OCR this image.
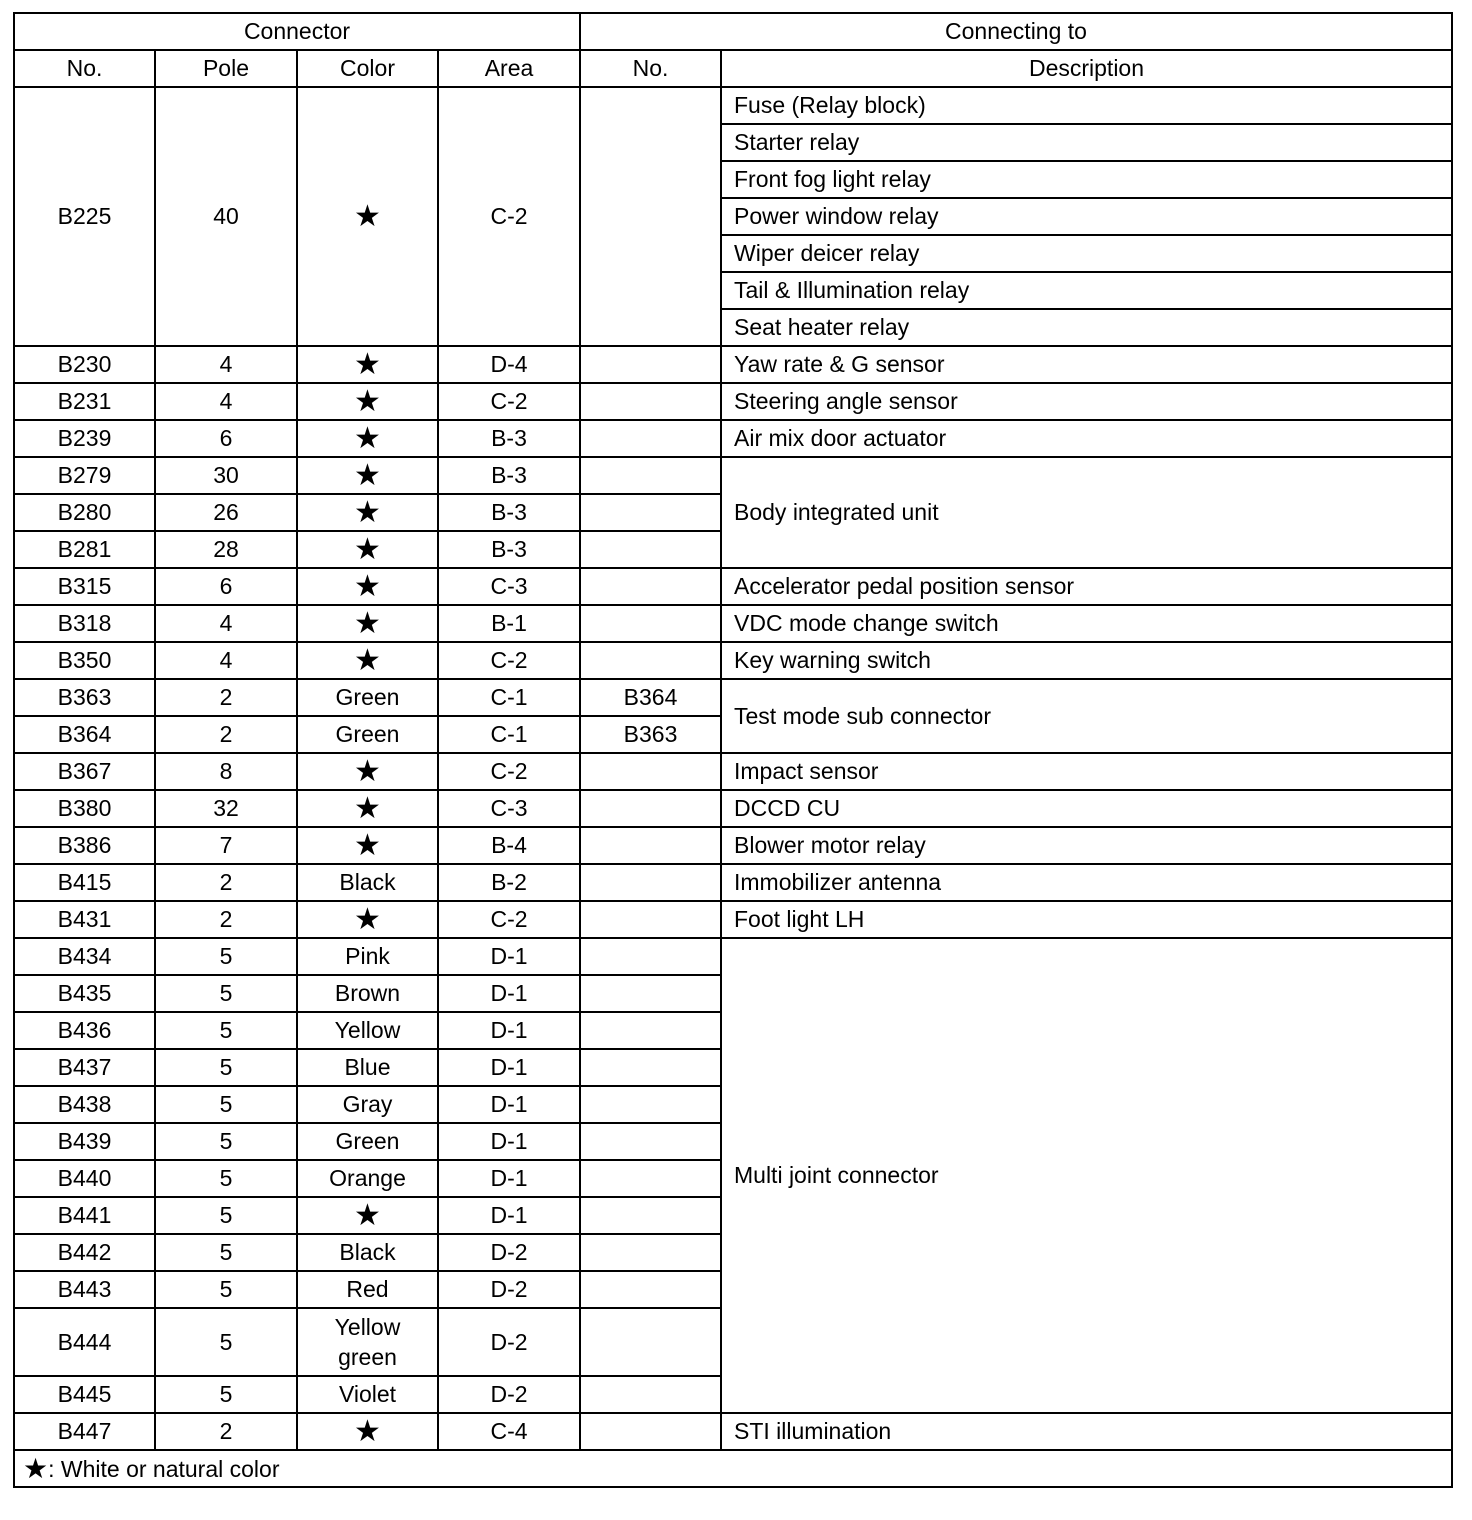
Connector				Connecting to	
No.	Pole	Color	Area	No.	Description
B225	40	★	C-2		Fuse (Relay block)
					Starter relay
					Front fog light relay
					Power window relay
					Wiper deicer relay
					Tail & Illumination relay
					Seat heater relay
B230	4	★	D-4		Yaw rate & G sensor
B231	4	★	C-2		Steering angle sensor
B239	6	★	B-3		Air mix door actuator
B279	30	★	B-3		Body integrated unit
B280	26	★	B-3		
B281	28	★	B-3		
B315	6	★	C-3		Accelerator pedal position sensor
B318	4	★	B-1		VDC mode change switch
B350	4	★	C-2		Key warning switch
B363	2	Green	C-1	B364	Test mode sub connector
B364	2	Green	C-1	B363	
B367	8	★	C-2		Impact sensor
B380	32	★	C-3		DCCD CU
B386	7	★	B-4		Blower motor relay
B415	2	Black	B-2		Immobilizer antenna
B431	2	★	C-2		Foot light LH
B434	5	Pink	D-1		Multi joint connector
B435	5	Brown	D-1		
B436	5	Yellow	D-1		
B437	5	Blue	D-1		
B438	5	Gray	D-1		
B439	5	Green	D-1		
B440	5	Orange	D-1		
B441	5	★	D-1		
B442	5	Black	D-2		
B443	5	Red	D-2		
B444	5	Yellow green	D-2		
B445	5	Violet	D-2		
B447	2	★	C-4		STI illumination
★: White or natural color					
